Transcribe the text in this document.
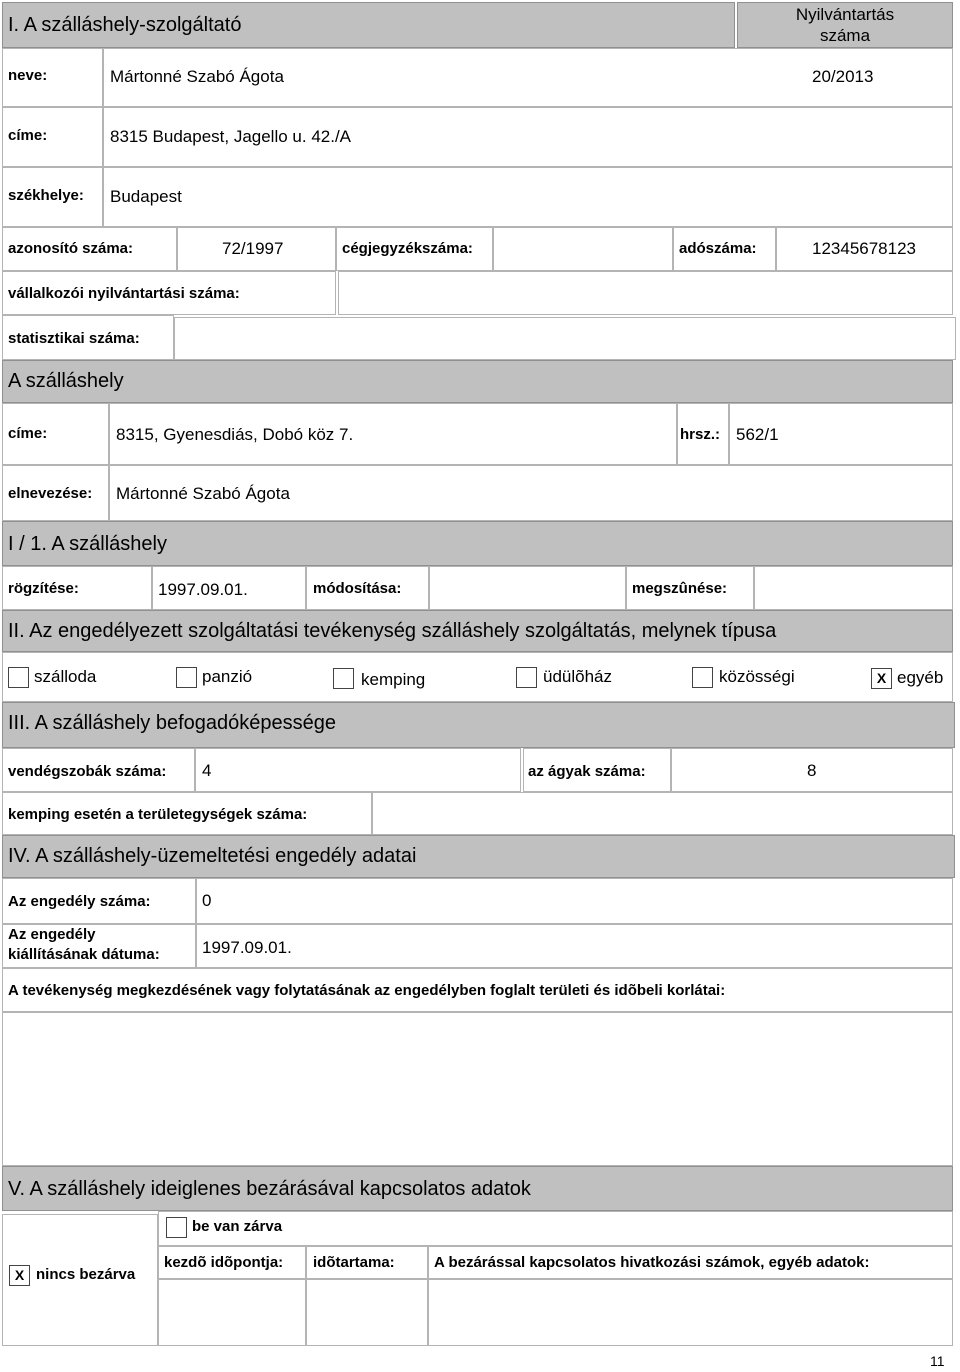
I. A szálláshely-szolgáltató	Nyilvántartás
száma
neve:	Mártonné Szabó Ágota	20/2013
címe:	8315 Budapest, Jagello u. 42./A
székhelye: Budapest
azonosító száma:	72/1997	cégjegyzékszáma:	adószáma:	12345678123
vállalkozói nyilvántartási száma:
statisztikai száma:
A szálláshely
címe:	8315, Gyenesdiás, Dobó köz 7.	hrsz.: 562/1
elnevezése: Mártonné Szabó Ágota
I / 1. A szálláshely
rögzítése:	1997.09.01.	módosítása:	megszûnése:
II. Az engedélyezett szolgáltatási tevékenység szálláshely szolgáltatás, melynek típusa
szálloda	panzió	kemping	üdülõház	közösségi	X egyéb
III. A szálláshely befogadóképessége
vendégszobák száma: 4	az ágyak száma:	8
kemping esetén a területegységek száma:
IV. A szálláshely-üzemeltetési engedély adatai
Az engedély száma:	0
Az engedély
kiállításának dátuma: 1997.09.01.
A tevékenység megkezdésének vagy folytatásának az engedélyben foglalt területi és idõbeli korlátai:
V. A szálláshely ideiglenes bezárásával kapcsolatos adatok
X nincs bezárva
be van zárva
kezdõ idõpontja: idõtartama:	A bezárással kapcsolatos hivatkozási számok, egyéb adatok:
11
